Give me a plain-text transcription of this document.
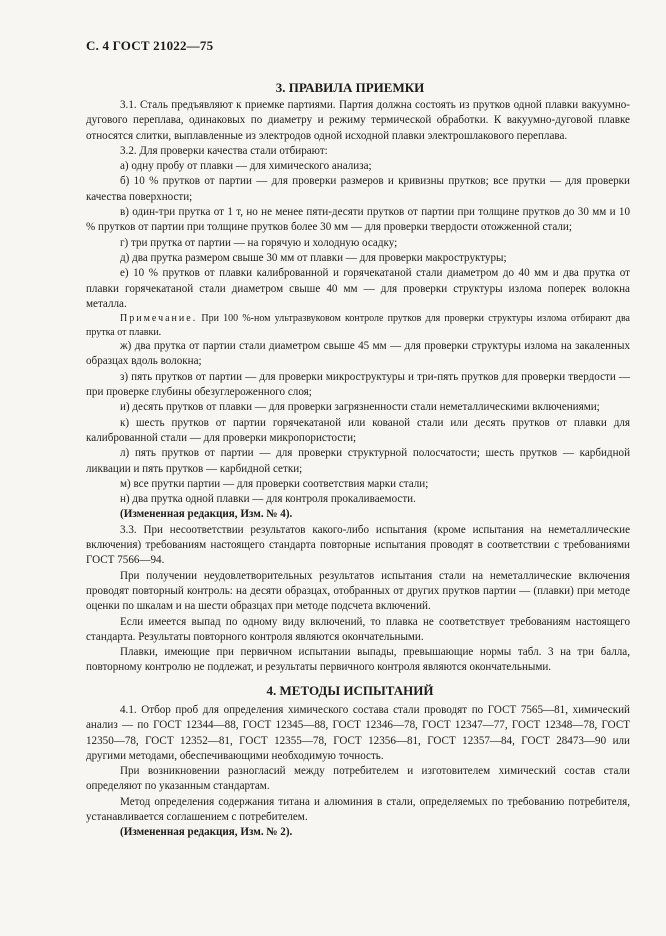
С. 4 ГОСТ 21022—75
3. ПРАВИЛА ПРИЕМКИ

3.1. Сталь предъявляют к приемке партиями. Партия должна состоять из прутков одной плавки вакуумно-дугового переплава, одинаковых по диаметру и режиму термической обработки. К вакуумно-дуговой плавке относятся слитки, выплавленные из электродов одной исходной плавки электрошлакового переплава.

3.2. Для проверки качества стали отбирают:

а) одну пробу от плавки — для химического анализа;

б) 10 % прутков от партии — для проверки размеров и кривизны прутков; все прутки — для проверки качества поверхности;

в) один-три прутка от 1 т, но не менее пяти-десяти прутков от партии при толщине прутков до 30 мм и 10 % прутков от партии при толщине прутков более 30 мм — для проверки твердости отожженной стали;

г) три прутка от партии — на горячую и холодную осадку;

д) два прутка размером свыше 30 мм от плавки — для проверки макроструктуры;

е) 10 % прутков от плавки калиброванной и горячекатаной стали диаметром до 40 мм и два прутка от плавки горячекатаной стали диаметром свыше 40 мм — для проверки структуры излома поперек волокна металла.

Примечание. При 100 %-ном ультразвуковом контроле прутков для проверки структуры излома отбирают два прутка от плавки.

ж) два прутка от партии стали диаметром свыше 45 мм — для проверки структуры излома на закаленных образцах вдоль волокна;

з) пять прутков от партии — для проверки микроструктуры и три-пять прутков для проверки твердости — при проверке глубины обезуглероженного слоя;

и) десять прутков от плавки — для проверки загрязненности стали неметаллическими включениями;

к) шесть прутков от партии горячекатаной или кованой стали или десять прутков от плавки для калиброванной стали — для проверки микропористости;

л) пять прутков от партии — для проверки структурной полосчатости; шесть прутков — карбидной ликвации и пять прутков — карбидной сетки;

м) все прутки партии — для проверки соответствия марки стали;

н) два прутка одной плавки — для контроля прокаливаемости.

(Измененная редакция, Изм. № 4).

3.3. При несоответствии результатов какого-либо испытания (кроме испытания на неметаллические включения) требованиям настоящего стандарта повторные испытания проводят в соответствии с требованиями ГОСТ 7566—94.

При получении неудовлетворительных результатов испытания стали на неметаллические включения проводят повторный контроль: на десяти образцах, отобранных от других прутков партии — (плавки) при методе оценки по шкалам и на шести образцах при методе подсчета включений.

Если имеется выпад по одному виду включений, то плавка не соответствует требованиям настоящего стандарта. Результаты повторного контроля являются окончательными.

Плавки, имеющие при первичном испытании выпады, превышающие нормы табл. 3 на три балла, повторному контролю не подлежат, и результаты первичного контроля являются окончательными.

4. МЕТОДЫ ИСПЫТАНИЙ

4.1. Отбор проб для определения химического состава стали проводят по ГОСТ 7565—81, химический анализ — по ГОСТ 12344—88, ГОСТ 12345—88, ГОСТ 12346—78, ГОСТ 12347—77, ГОСТ 12348—78, ГОСТ 12350—78, ГОСТ 12352—81, ГОСТ 12355—78, ГОСТ 12356—81, ГОСТ 12357—84, ГОСТ 28473—90 или другими методами, обеспечивающими необходимую точность.

При возникновении разногласий между потребителем и изготовителем химический состав стали определяют по указанным стандартам.

Метод определения содержания титана и алюминия в стали, определяемых по требованию потребителя, устанавливается соглашением с потребителем.

(Измененная редакция, Изм. № 2).
